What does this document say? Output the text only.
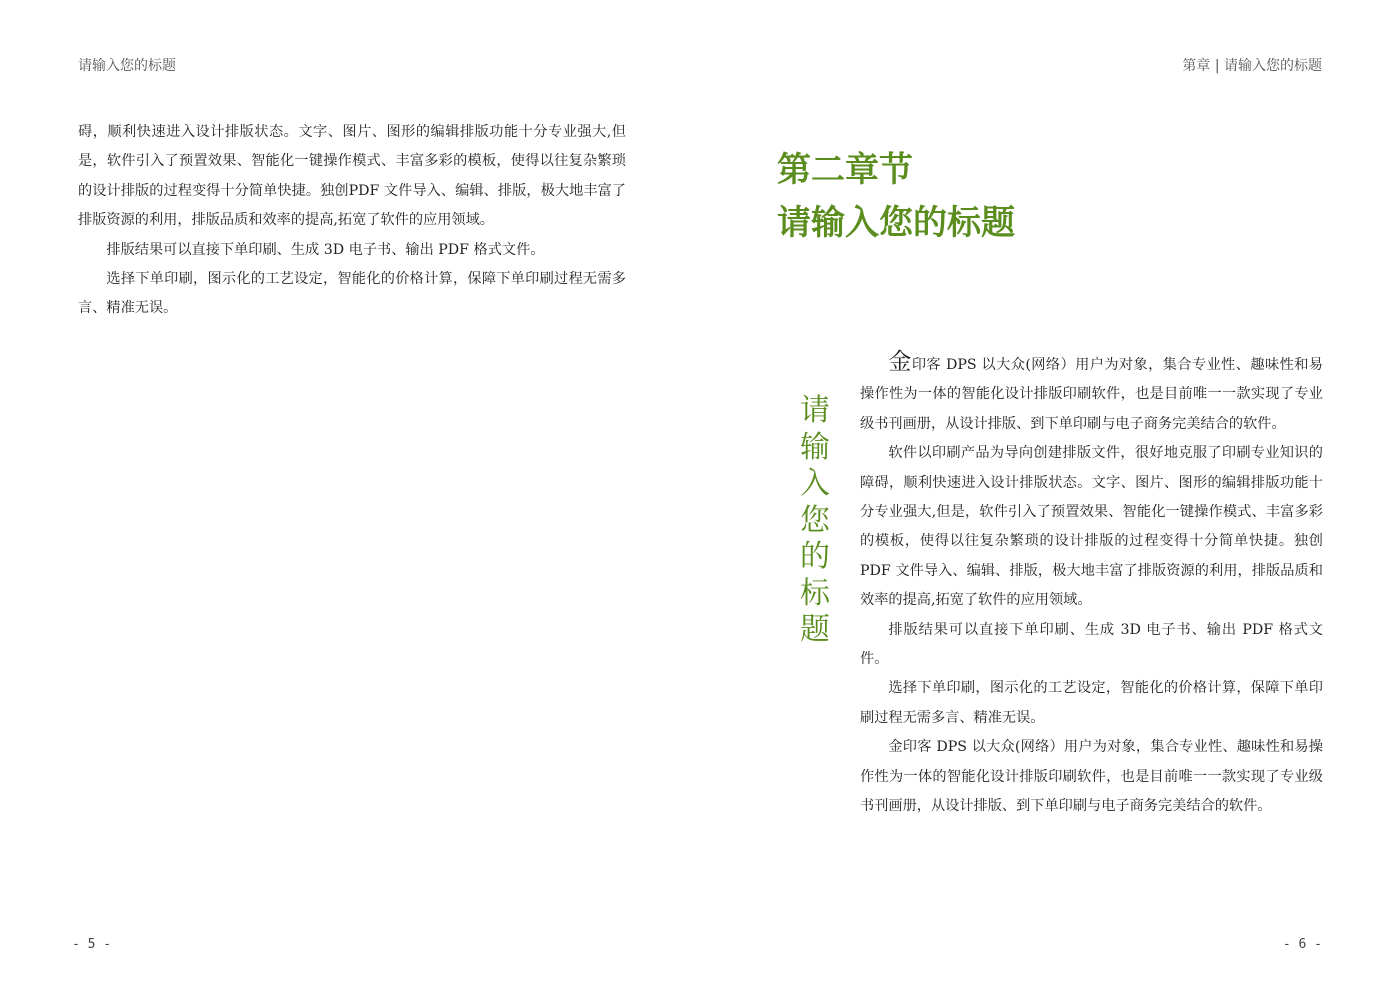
请输入您的标题

碍，顺利快速进入设计排版状态。文字、图片、图形的编辑排版功能十分专业强大,但是，软件引入了预置效果、智能化一键操作模式、丰富多彩的模板，使得以往复杂繁琐的设计排版的过程变得十分简单快捷。独创PDF 文件导入、编辑、排版，极大地丰富了排版资源的利用，排版品质和效率的提高,拓宽了软件的应用领域。

排版结果可以直接下单印刷、生成 3D 电子书、输出 PDF 格式文件。

选择下单印刷，图示化的工艺设定，智能化的价格计算，保障下单印刷过程无需多言、精准无误。

- 5 -
第章 | 请输入您的标题
- 6 -
第二章节
请输入您的标题
请
输
入
您
的
标
题

金印客 DPS 以大众(网络）用户为对象，集合专业性、趣味性和易操作性为一体的智能化设计排版印刷软件，也是目前唯一一款实现了专业级书刊画册，从设计排版、到下单印刷与电子商务完美结合的软件。

软件以印刷产品为导向创建排版文件，很好地克服了印刷专业知识的障碍，顺利快速进入设计排版状态。文字、图片、图形的编辑排版功能十分专业强大,但是，软件引入了预置效果、智能化一键操作模式、丰富多彩的模板，使得以往复杂繁琐的设计排版的过程变得十分简单快捷。独创PDF 文件导入、编辑、排版，极大地丰富了排版资源的利用，排版品质和效率的提高,拓宽了软件的应用领域。

排版结果可以直接下单印刷、生成 3D 电子书、输出 PDF 格式文件。

选择下单印刷，图示化的工艺设定，智能化的价格计算，保障下单印刷过程无需多言、精准无误。

金印客 DPS 以大众(网络）用户为对象，集合专业性、趣味性和易操作性为一体的智能化设计排版印刷软件，也是目前唯一一款实现了专业级书刊画册，从设计排版、到下单印刷与电子商务完美结合的软件。
